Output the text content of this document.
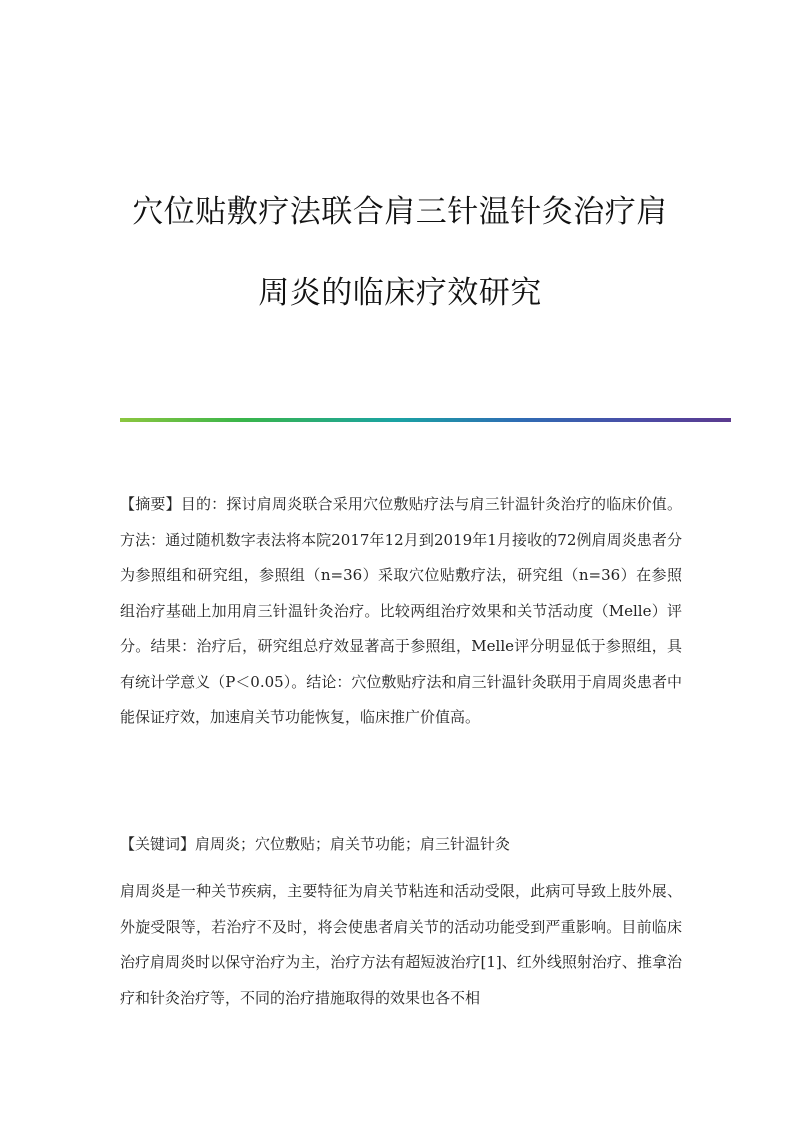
穴位贴敷疗法联合肩三针温针灸治疗肩
周炎的临床疗效研究
【摘要】目的：探讨肩周炎联合采用穴位敷贴疗法与肩三针温针灸治疗的临床价值。方法：通过随机数字表法将本院2017年12月到2019年1月接收的72例肩周炎患者分为参照组和研究组，参照组（n=36）采取穴位贴敷疗法，研究组（n=36）在参照组治疗基础上加用肩三针温针灸治疗。比较两组治疗效果和关节活动度（Melle）评分。结果：治疗后，研究组总疗效显著高于参照组，Melle评分明显低于参照组，具有统计学意义（P＜0.05）。结论：穴位敷贴疗法和肩三针温针灸联用于肩周炎患者中能保证疗效，加速肩关节功能恢复，临床推广价值高。
【关键词】肩周炎；穴位敷贴；肩关节功能；肩三针温针灸
肩周炎是一种关节疾病，主要特征为肩关节粘连和活动受限，此病可导致上肢外展、外旋受限等，若治疗不及时，将会使患者肩关节的活动功能受到严重影响。目前临床治疗肩周炎时以保守治疗为主，治疗方法有超短波治疗[1]、红外线照射治疗、推拿治疗和针灸治疗等，不同的治疗措施取得的效果也各不相
